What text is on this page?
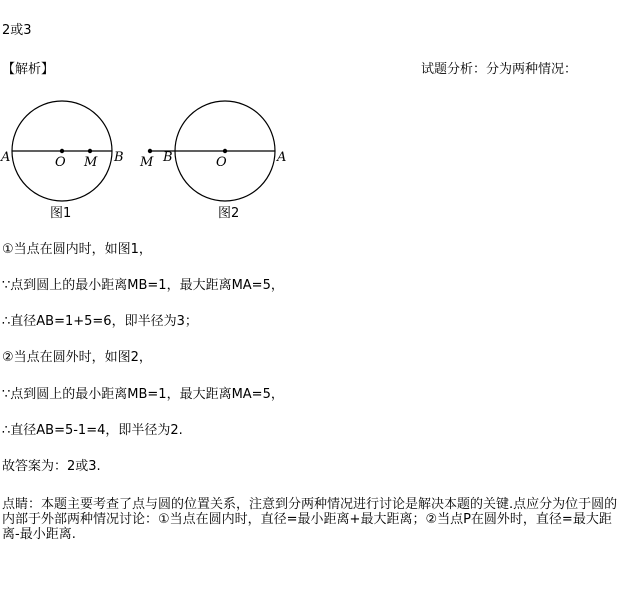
2或3
【解析】	试题分析：分为两种情况：
A	O M B
图1
M B	O	A
图2
①当点在圆内时，如图1，
∵点到圆上的最小距离MB=1，最大距离MA=5，
∴直径AB=1+5=6，即半径为3；
②当点在圆外时，如图2，
∵点到圆上的最小距离MB=1，最大距离MA=5，
∴直径AB=5-1=4，即半径为2.
故答案为：2或3.
点睛：本题主要考查了点与圆的位置关系，注意到分两种情况进行讨论是解决本题的关键.点应分为位于圆的内部于外部两种情况讨论：①当点在圆内时，直径=最小距离+最大距离；②当点P在圆外时，直径=最大距离-最小距离.
